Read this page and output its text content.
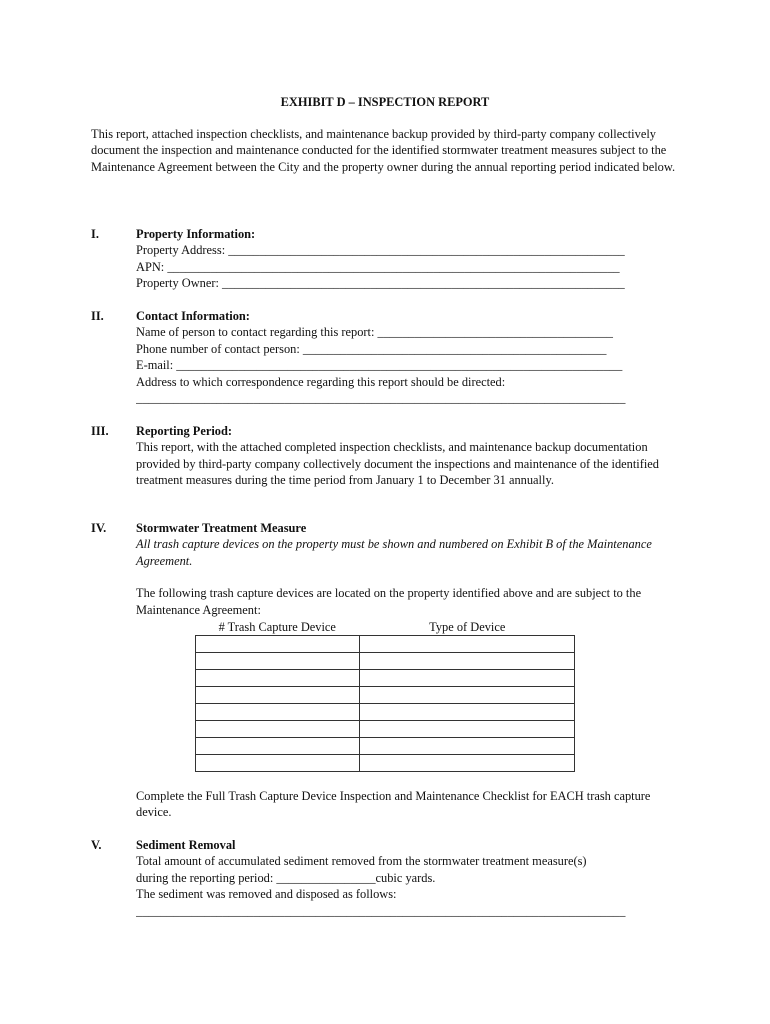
EXHIBIT D – INSPECTION REPORT

This report, attached inspection checklists, and maintenance backup provided by third-party company collectively document the inspection and maintenance conducted for the identified stormwater treatment measures subject to the Maintenance Agreement between the City and the property owner during the annual reporting period indicated below.

I.	Property Information:
Property Address: ________________________________________________________________
APN: _________________________________________________________________________
Property Owner: _________________________________________________________________
II.	Contact Information:
Name of person to contact regarding this report: ______________________________________
Phone number of contact person: _________________________________________________
E-mail: ________________________________________________________________________
Address to which correspondence regarding this report should be directed:
_______________________________________________________________________________
III.	Reporting Period:

This report, with the attached completed inspection checklists, and maintenance backup documentation provided by third-party company collectively document the inspections and maintenance of the identified treatment measures during the time period from January 1 to December 31 annually.

IV.	Stormwater Treatment Measure

All trash capture devices on the property must be shown and numbered on Exhibit B of the Maintenance Agreement.

The following trash capture devices are located on the property identified above and are subject to the Maintenance Agreement:

# Trash Capture Device	Type of Device

Complete the Full Trash Capture Device Inspection and Maintenance Checklist for EACH trash capture device.

V.	Sediment Removal
Total amount of accumulated sediment removed from the stormwater treatment measure(s)
during the reporting period: ________________cubic yards.
The sediment was removed and disposed as follows:
_______________________________________________________________________________
